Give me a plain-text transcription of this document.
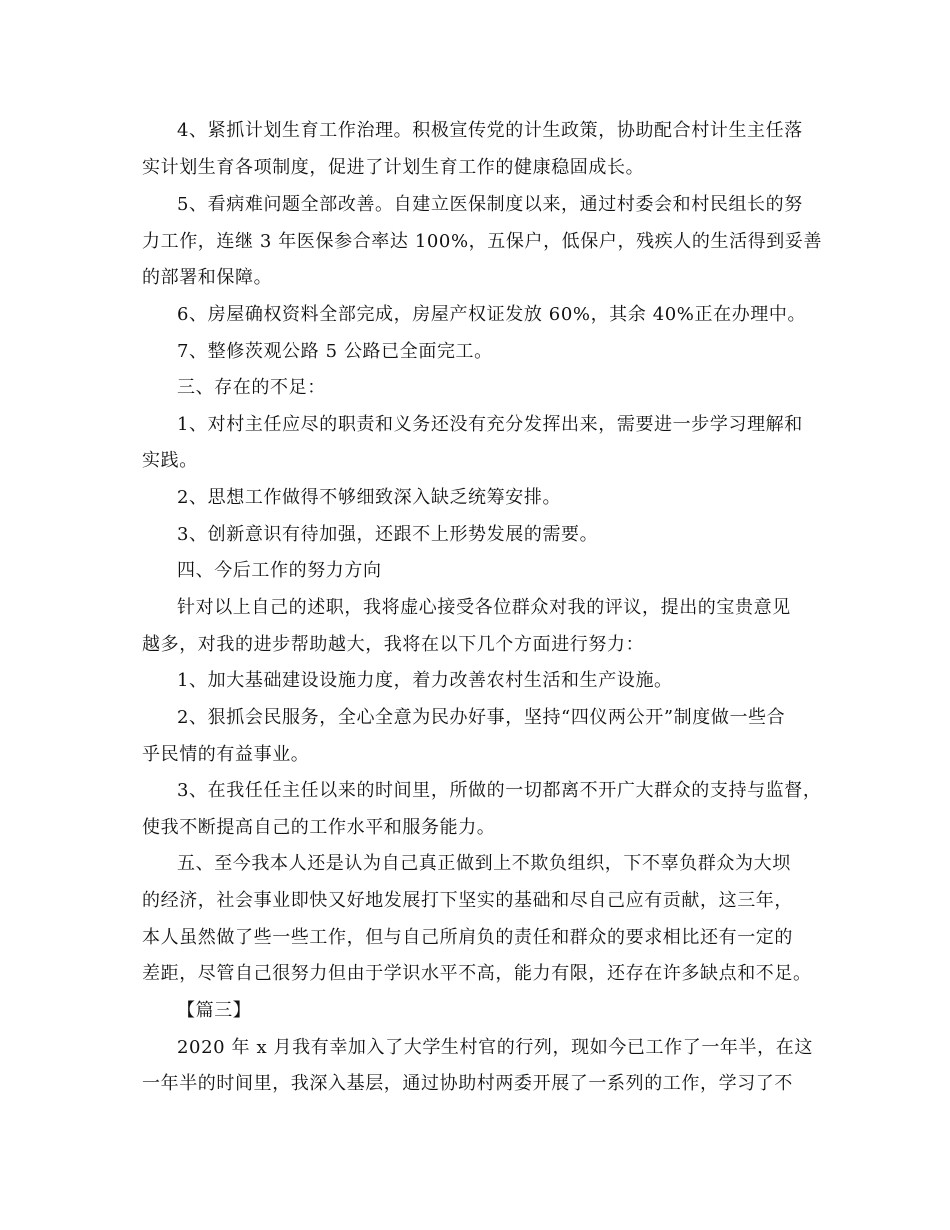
4、紧抓计划生育工作治理。积极宣传党的计生政策，协助配合村计生主任落
实计划生育各项制度，促进了计划生育工作的健康稳固成长。
5、看病难问题全部改善。自建立医保制度以来，通过村委会和村民组长的努
力工作，连继 3 年医保参合率达 100%，五保户，低保户，残疾人的生活得到妥善
的部署和保障。
6、房屋确权资料全部完成，房屋产权证发放 60%，其余 40%正在办理中。
7、整修茨观公路 5 公路已全面完工。
三、存在的不足：
1、对村主任应尽的职责和义务还没有充分发挥出来，需要进一步学习理解和
实践。
2、思想工作做得不够细致深入缺乏统筹安排。
3、创新意识有待加强，还跟不上形势发展的需要。
四、今后工作的努力方向
针对以上自己的述职，我将虚心接受各位群众对我的评议，提出的宝贵意见
越多，对我的进步帮助越大，我将在以下几个方面进行努力：
1、加大基础建设设施力度，着力改善农村生活和生产设施。
2、狠抓会民服务，全心全意为民办好事，坚持“四仪两公开”制度做一些合
乎民情的有益事业。
3、在我任任主任以来的时间里，所做的一切都离不开广大群众的支持与监督，
使我不断提高自己的工作水平和服务能力。
五、至今我本人还是认为自己真正做到上不欺负组织，下不辜负群众为大坝
的经济，社会事业即快又好地发展打下坚实的基础和尽自己应有贡献，这三年，
本人虽然做了些一些工作，但与自己所肩负的责任和群众的要求相比还有一定的
差距，尽管自己很努力但由于学识水平不高，能力有限，还存在许多缺点和不足。
【篇三】
2020 年 x 月我有幸加入了大学生村官的行列，现如今已工作了一年半，在这
一年半的时间里，我深入基层，通过协助村两委开展了一系列的工作，学习了不
